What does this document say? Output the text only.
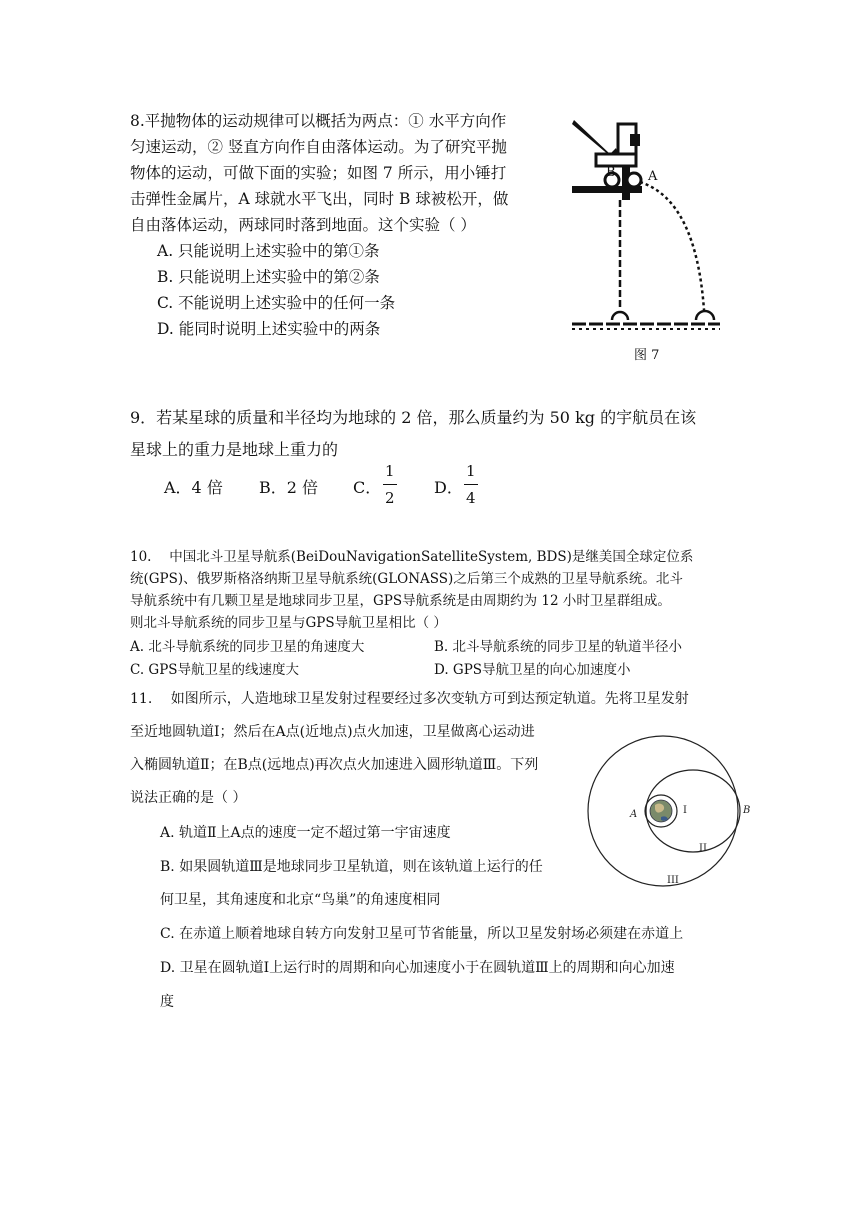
8.平抛物体的运动规律可以概括为两点：① 水平方向作
匀速运动，② 竖直方向作自由落体运动。为了研究平抛
物体的运动，可做下面的实验；如图 7 所示，用小锤打
击弹性金属片，A 球就水平飞出，同时 B 球被松开，做
自由落体运动，两球同时落到地面。这个实验（ ）
A. 只能说明上述实验中的第①条
B. 只能说明上述实验中的第②条
C. 不能说明上述实验中的任何一条
D. 能同时说明上述实验中的两条
B A
图 7
9．若某星球的质量和半径均为地球的 2 倍，那么质量约为 50 kg 的宇航员在该
星球上的重力是地球上重力的
A．4 倍 B．2 倍 C．
1
2
D．
1
4
10.　 中国北斗卫星导航系(BeiDouNavigationSatelliteSystem, BDS)是继美国全球定位系
统(GPS)、俄罗斯格洛纳斯卫星导航系统(GLONASS)之后第三个成熟的卫星导航系统。北斗
导航系统中有几颗卫星是地球同步卫星，GPS导航系统是由周期约为 12 小时卫星群组成。
则北斗导航系统的同步卫星与GPS导航卫星相比（ ）
A. 北斗导航系统的同步卫星的角速度大	B. 北斗导航系统的同步卫星的轨道半径小
C. GPS导航卫星的线速度大	D. GPS导航卫星的向心加速度小
11.　 如图所示，人造地球卫星发射过程要经过多次变轨方可到达预定轨道。先将卫星发射
至近地圆轨道Ⅰ；然后在A点(近地点)点火加速，卫星做离心运动进
入椭圆轨道Ⅱ；在B点(远地点)再次点火加速进入圆形轨道Ⅲ。下列
说法正确的是（ ）
A. 轨道Ⅱ上A点的速度一定不超过第一宇宙速度
B. 如果圆轨道Ⅲ是地球同步卫星轨道，则在该轨道上运行的任
何卫星，其角速度和北京“鸟巢”的角速度相同
C. 在赤道上顺着地球自转方向发射卫星可节省能量，所以卫星发射场必须建在赤道上
D. 卫星在圆轨道Ⅰ上运行时的周期和向心加速度小于在圆轨道Ⅲ上的周期和向心加速
度
A	B
I
II
III
